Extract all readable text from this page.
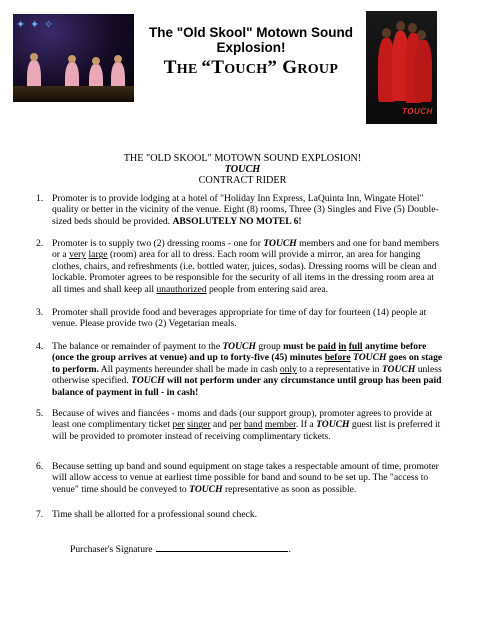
✦ ✦ ✧
TOUCH
The "Old Skool" Motown Sound Explosion!
THE “TOUCH” GROUP
THE "OLD SKOOL" MOTOWN SOUND EXPLOSION!
TOUCH
CONTRACT RIDER
1. Promoter is to provide lodging at a hotel of "Holiday Inn Express, LaQuinta Inn, Wingate Hotel" quality or better in the vicinity of the venue. Eight (8) rooms, Three (3) Singles and Five (5) Double-sized beds should be provided. ABSOLUTELY NO MOTEL 6!
2. Promoter is to supply two (2) dressing rooms - one for TOUCH members and one for band members or a very large (room) area for all to dress. Each room will provide a mirror, an area for hanging clothes, chairs, and refreshments (i.e. bottled water, juices, sodas). Dressing rooms will be clean and lockable. Promoter agrees to be responsible for the security of all items in the dressing room area at all times and shall keep all unauthorized people from entering said area.
3. Promoter shall provide food and beverages appropriate for time of day for fourteen (14) people at venue. Please provide two (2) Vegetarian meals.
4. The balance or remainder of payment to the TOUCH group must be paid in full anytime before (once the group arrives at venue) and up to forty-five (45) minutes before TOUCH goes on stage to perform. All payments hereunder shall be made in cash only to a representative in TOUCH unless otherwise specified. TOUCH will not perform under any circumstance until group has been paid balance of payment in full - in cash!
5. Because of wives and fiancées - moms and dads (our support group), promoter agrees to provide at least one complimentary ticket per singer and per band member. If a TOUCH guest list is preferred it will be provided to promoter instead of receiving complimentary tickets.
6. Because setting up band and sound equipment on stage takes a respectable amount of time, promoter will allow access to venue at earliest time possible for band and sound to be set up. The "access to venue" time should be conveyed to TOUCH representative as soon as possible.
7. Time shall be allotted for a professional sound check.
Purchaser's Signature	.
